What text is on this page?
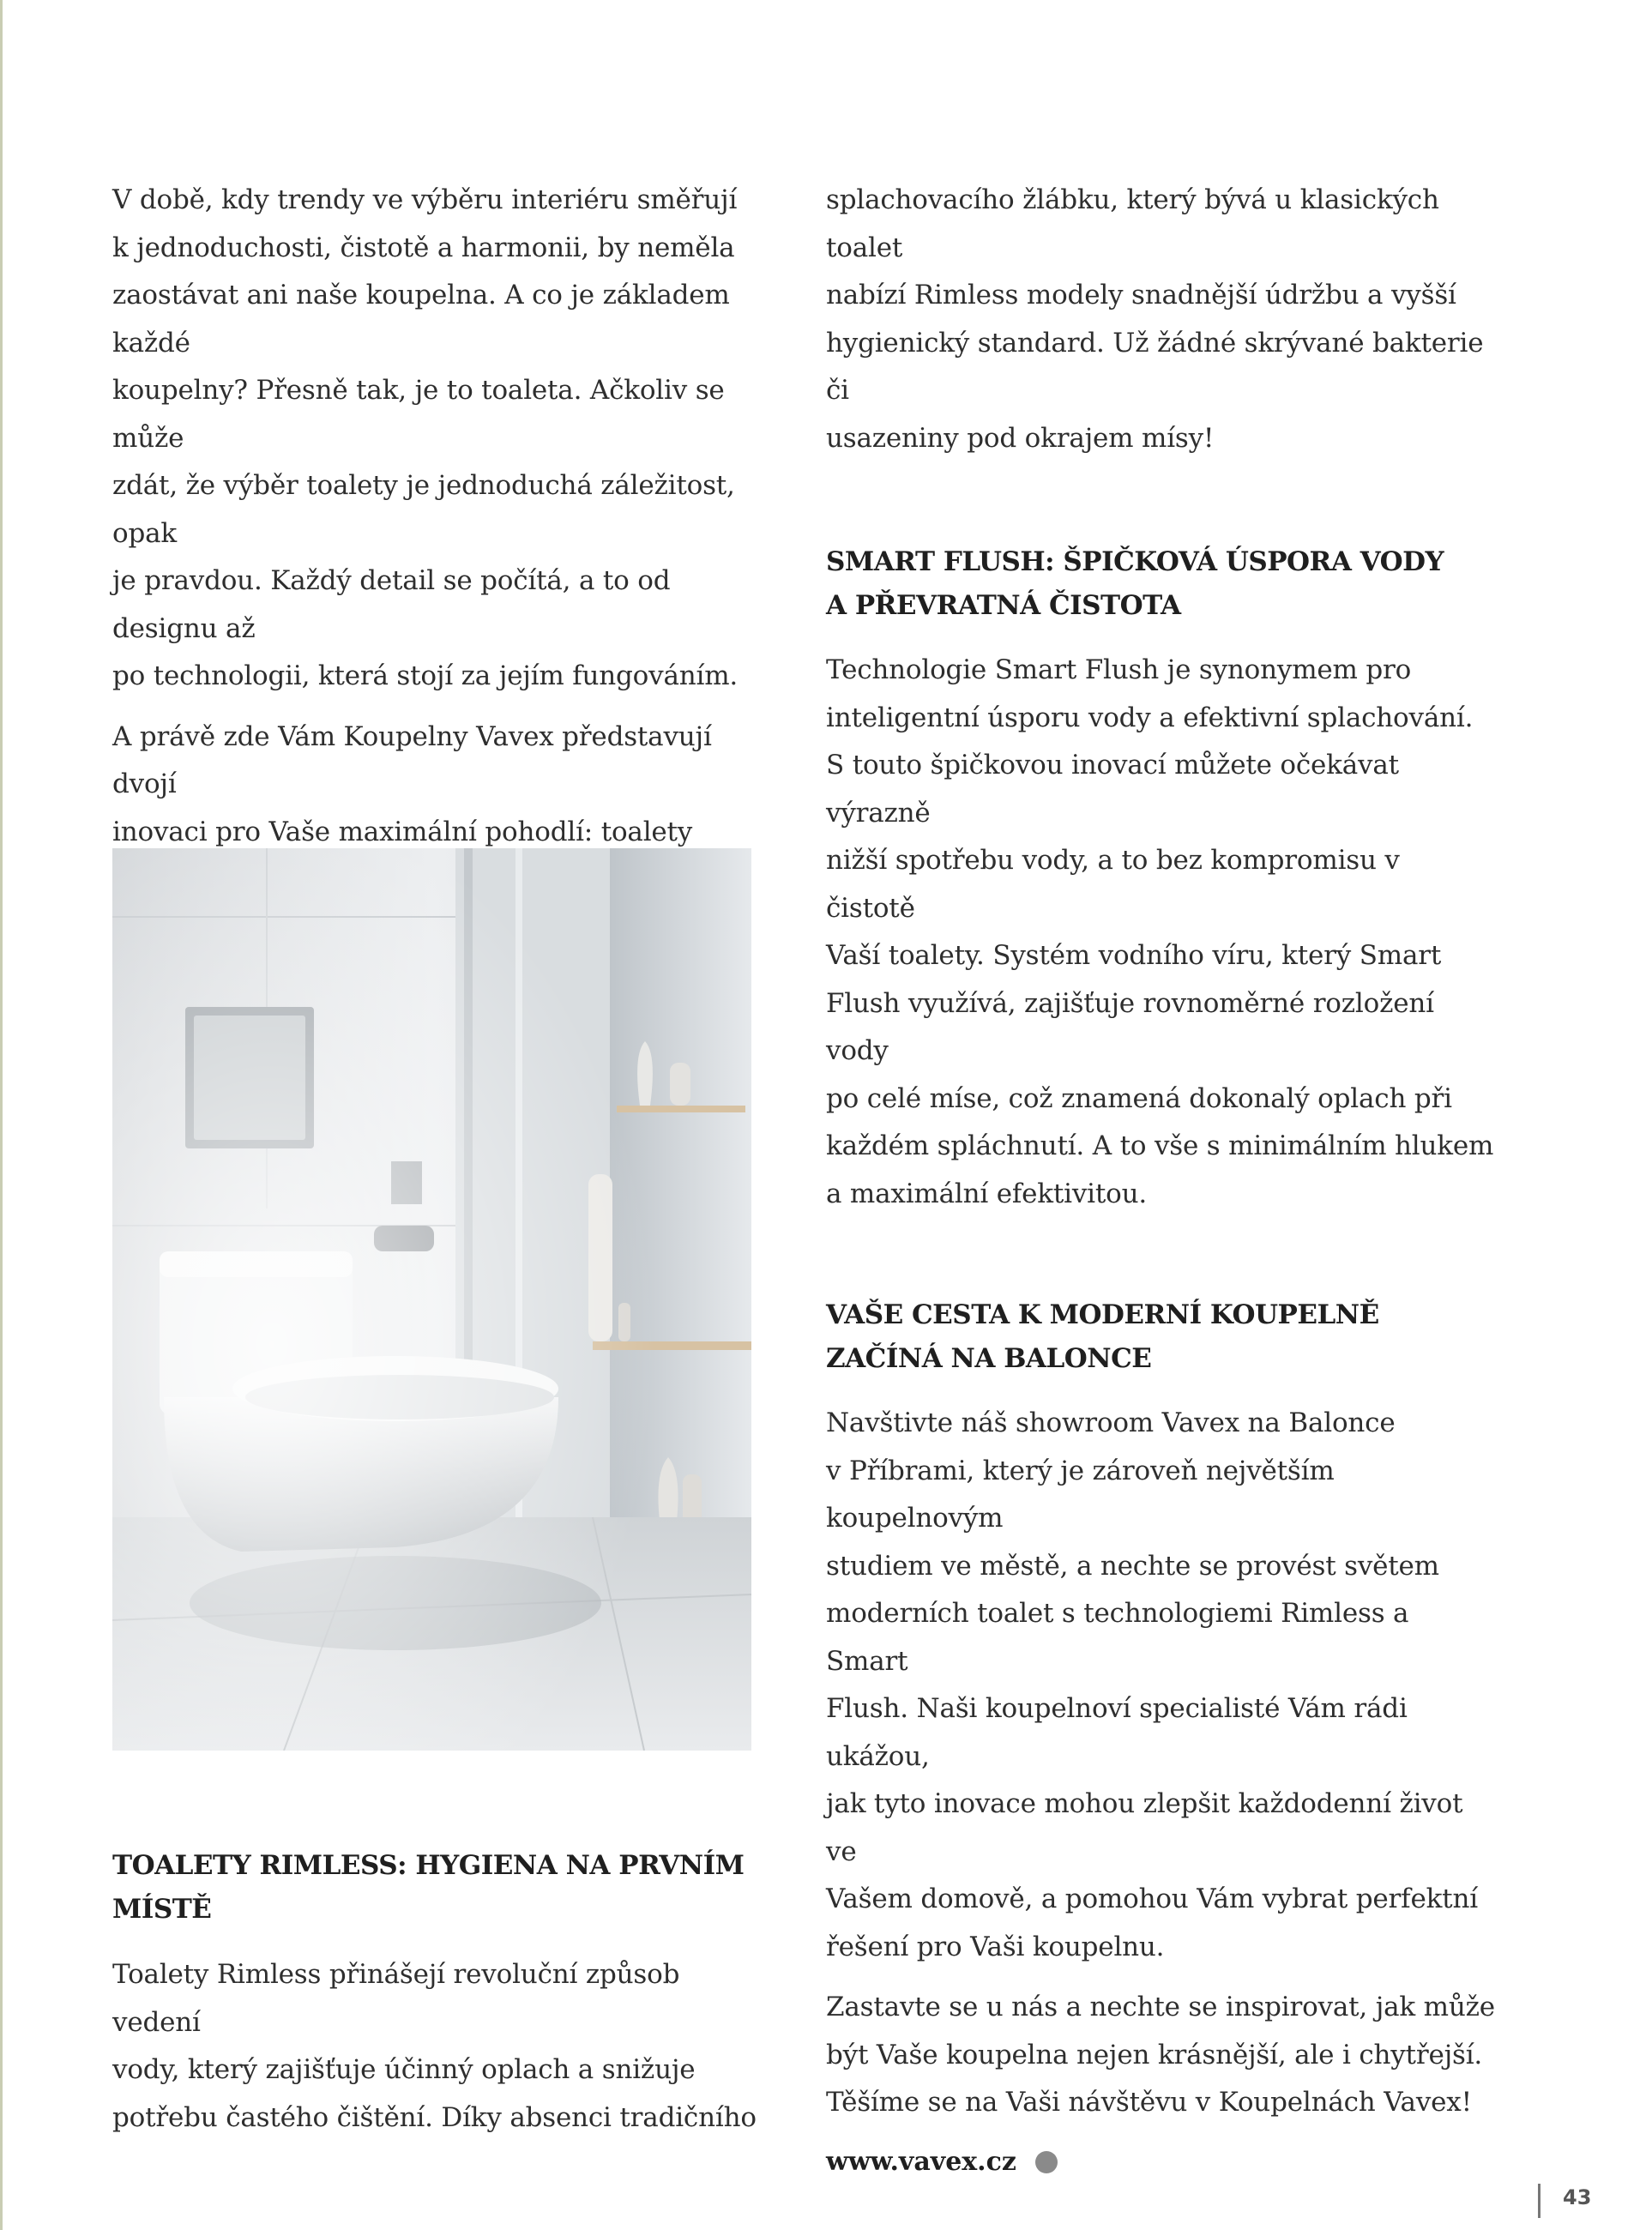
V době, kdy trendy ve výběru interiéru směřují
k jednoduchosti, čistotě a harmonii, by neměla
zaostávat ani naše koupelna. A co je základem každé
koupelny? Přesně tak, je to toaleta. Ačkoliv se může
zdát, že výběr toalety je jednoduchá záležitost, opak
je pravdou. Každý detail se počítá, a to od designu až
po technologii, která stojí za jejím fungováním.

A právě zde Vám Koupelny Vavex představují dvojí
inovaci pro Vaše maximální pohodlí: toalety

TOALETY RIMLESS: HYGIENA NA PRVNÍM
MÍSTĚ

Toalety Rimless přinášejí revoluční způsob vedení
vody, který zajišťuje účinný oplach a snižuje
potřebu častého čištění. Díky absenci tradičního

splachovacího žlábku, který bývá u klasických toalet
nabízí Rimless modely snadnější údržbu a vyšší
hygienický standard. Už žádné skrývané bakterie či
usazeniny pod okrajem mísy!

SMART FLUSH: ŠPIČKOVÁ ÚSPORA VODY
A PŘEVRATNÁ ČISTOTA

Technologie Smart Flush je synonymem pro
inteligentní úsporu vody a efektivní splachování.
S touto špičkovou inovací můžete očekávat výrazně
nižší spotřebu vody, a to bez kompromisu v čistotě
Vaší toalety. Systém vodního víru, který Smart
Flush využívá, zajišťuje rovnoměrné rozložení vody
po celé míse, což znamená dokonalý oplach při
každém spláchnutí. A to vše s minimálním hlukem
a maximální efektivitou.

VAŠE CESTA K MODERNÍ KOUPELNĚ
ZAČÍNÁ NA BALONCE

Navštivte náš showroom Vavex na Balonce
v Příbrami, který je zároveň největším koupelnovým
studiem ve městě, a nechte se provést světem
moderních toalet s technologiemi Rimless a Smart
Flush. Naši koupelnoví specialisté Vám rádi ukážou,
jak tyto inovace mohou zlepšit každodenní život ve
Vašem domově, a pomohou Vám vybrat perfektní
řešení pro Vaši koupelnu.

Zastavte se u nás a nechte se inspirovat, jak může
být Vaše koupelna nejen krásnější, ale i chytřejší.
Těšíme se na Vaši návštěvu v Koupelnách Vavex!

www.vavex.cz
43
